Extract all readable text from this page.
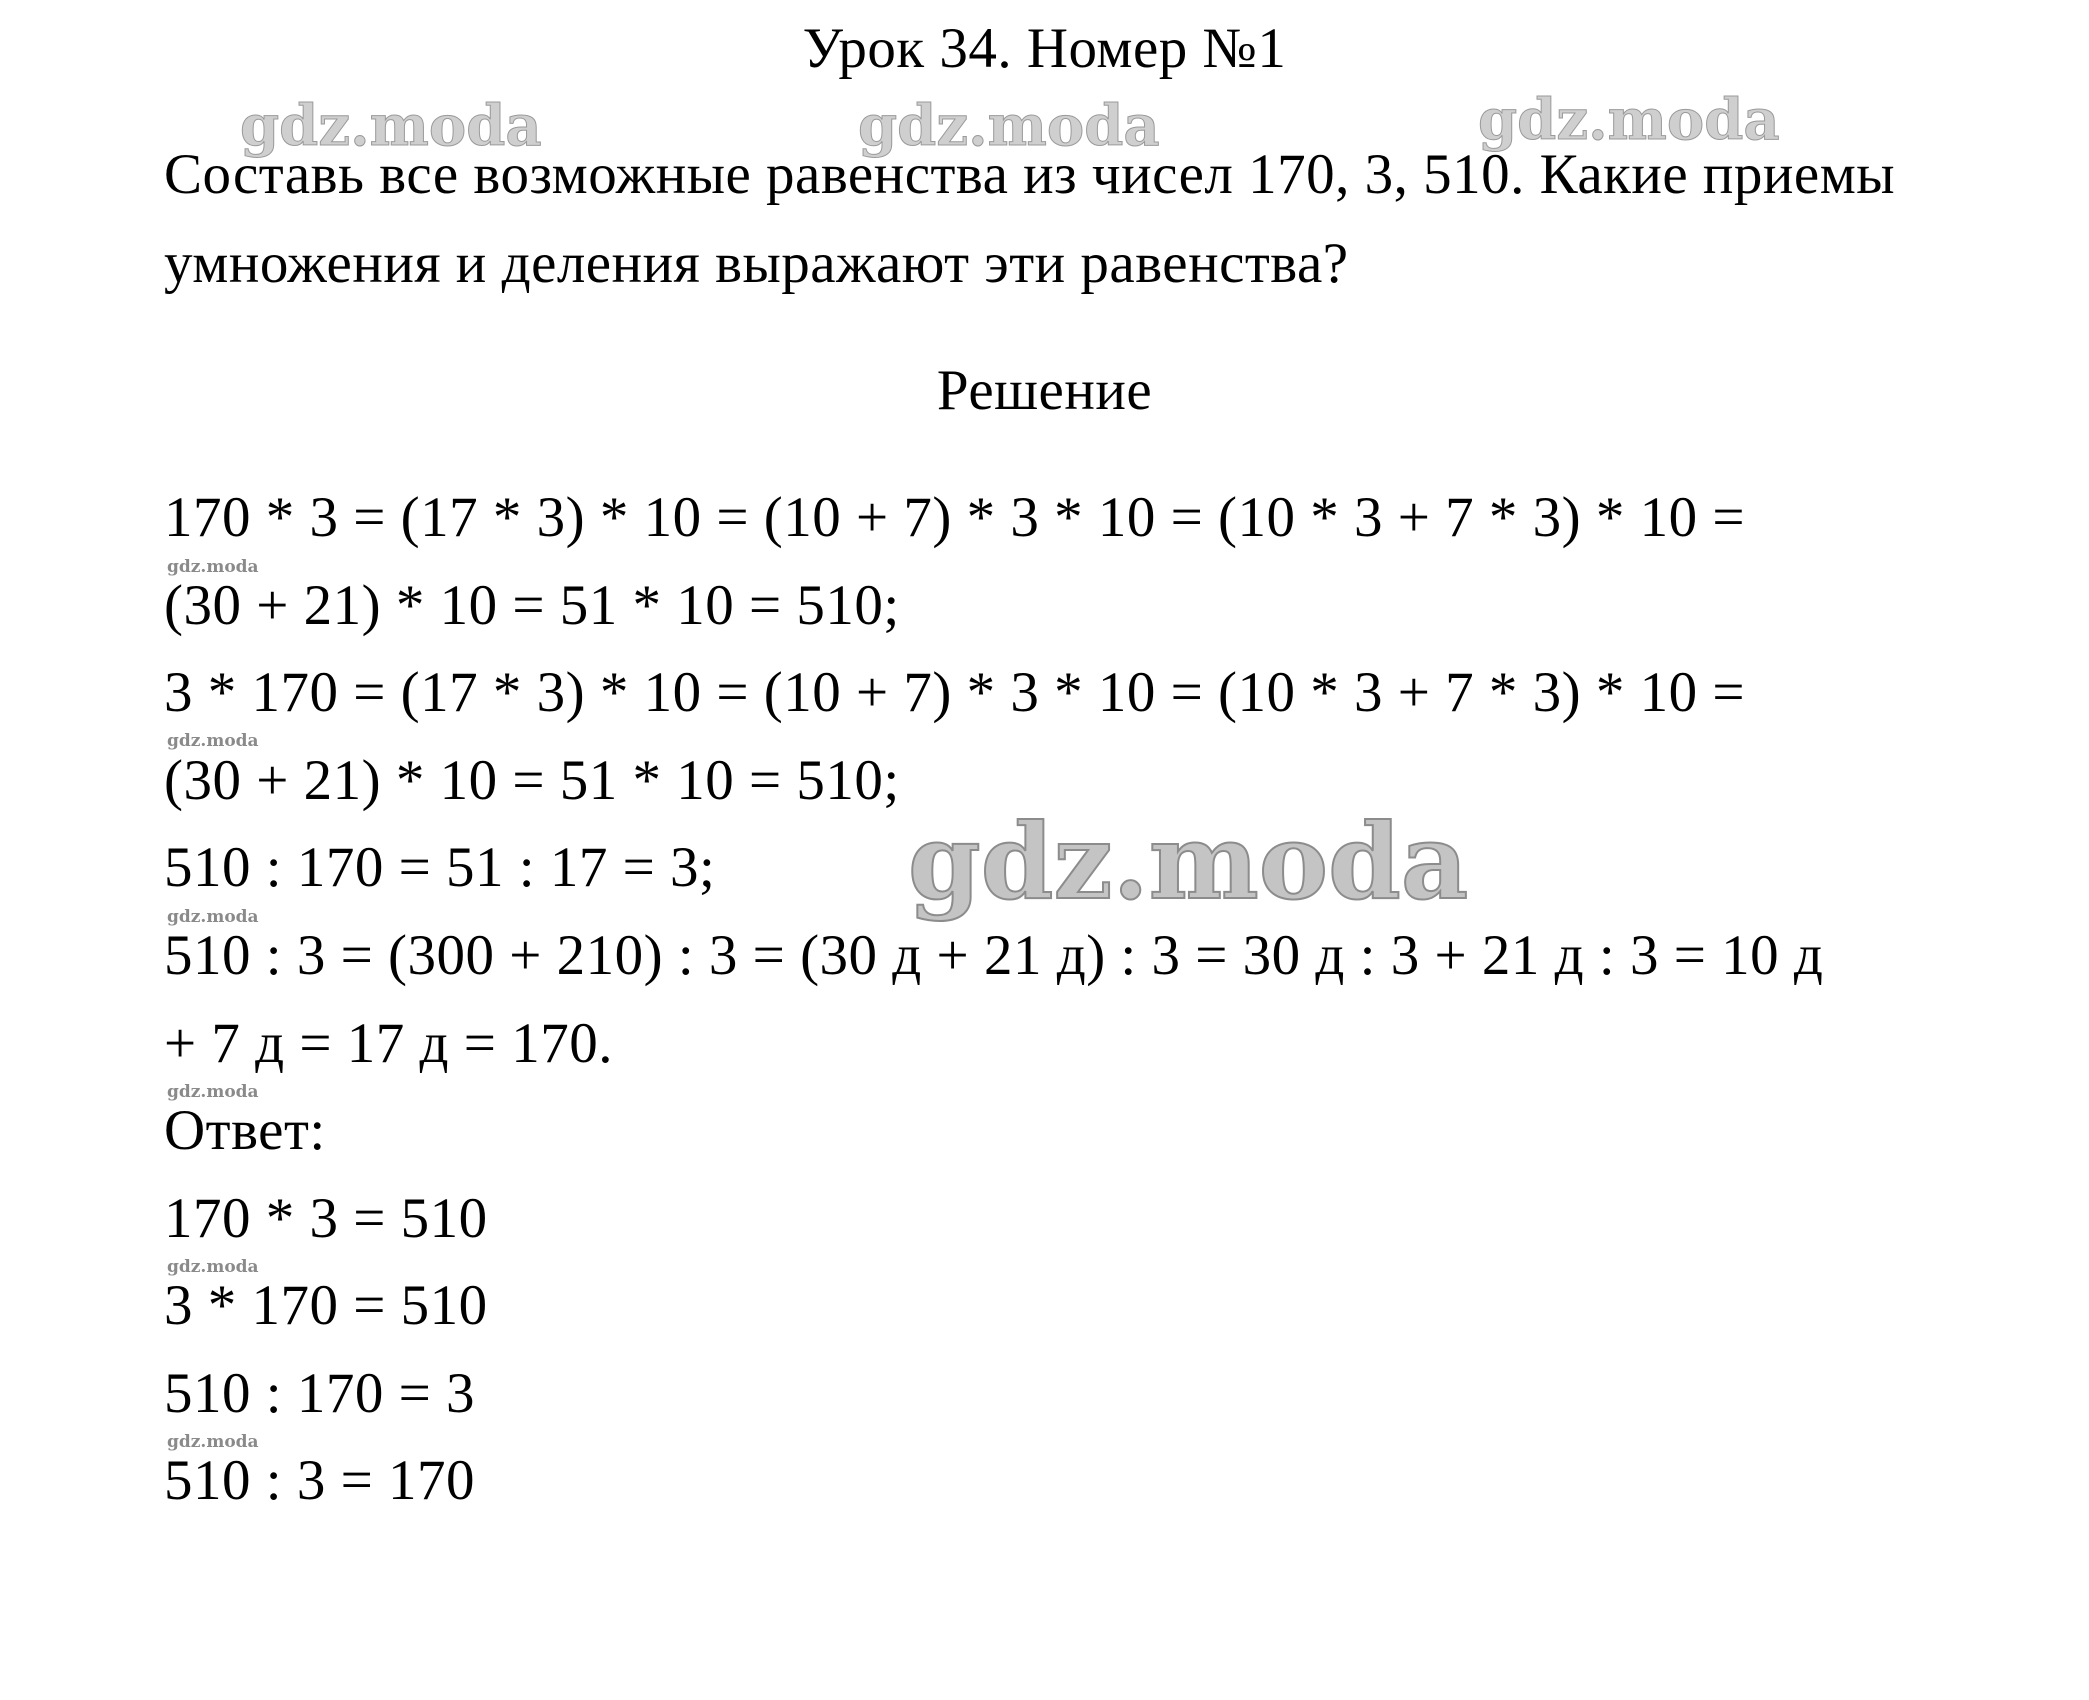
gdz.moda	gdz.moda	gdz.moda
gdz.moda
gdz.moda
gdz.moda
gdz.moda
gdz.moda
gdz.moda
gdz.moda
Урок 34. Номер №1
Составь все возможные равенства из чисел 170, 3, 510. Какие приемы
умножения и деления выражают эти равенства?
Решение
170 * 3 = (17 * 3) * 10 = (10 + 7) * 3 * 10 = (10 * 3 + 7 * 3) * 10 =
(30 + 21) * 10 = 51 * 10 = 510;
3 * 170 = (17 * 3) * 10 = (10 + 7) * 3 * 10 = (10 * 3 + 7 * 3) * 10 =
(30 + 21) * 10 = 51 * 10 = 510;
510 : 170 = 51 : 17 = 3;
510 : 3 = (300 + 210) : 3 = (30 д + 21 д) : 3 = 30 д : 3 + 21 д : 3 = 10 д
+ 7 д = 17 д = 170.
Ответ:
170 * 3 = 510
3 * 170 = 510
510 : 170 = 3
510 : 3 = 170
